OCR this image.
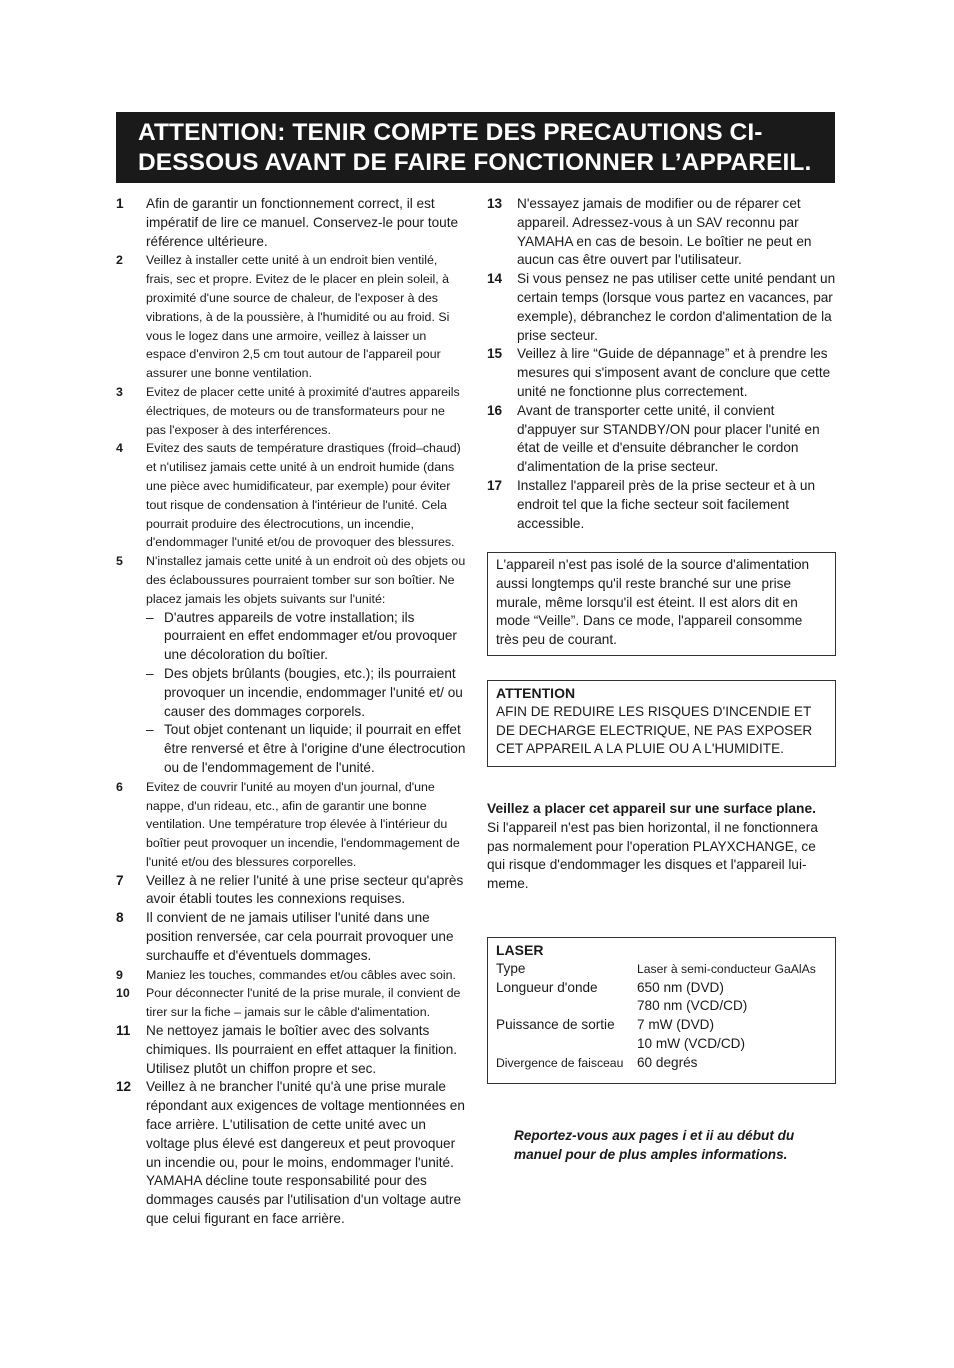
ATTENTION: TENIR COMPTE DES PRECAUTIONS CI-
DESSOUS AVANT DE FAIRE FONCTIONNER L’APPAREIL.
1	Afin de garantir un fonctionnement correct, il est impératif de lire ce manuel. Conservez-le pour toute référence ultérieure.
2	Veillez à installer cette unité à un endroit bien ventilé, frais, sec et propre. Evitez de le placer en plein soleil, à proximité d'une source de chaleur, de l'exposer à des vibrations, à de la poussière, à l'humidité ou au froid. Si vous le logez dans une armoire, veillez à laisser un espace d'environ 2,5 cm tout autour de l'appareil pour assurer une bonne ventilation.
3	Evitez de placer cette unité à proximité d'autres appareils électriques, de moteurs ou de transformateurs pour ne pas l'exposer à des interférences.
4	Evitez des sauts de température drastiques (froid–chaud) et n'utilisez jamais cette unité à un endroit humide (dans une pièce avec humidificateur, par exemple) pour éviter tout risque de condensation à l'intérieur de l'unité. Cela pourrait produire des électrocutions, un incendie, d'endommager l'unité et/ou de provoquer des blessures.
5	N'installez jamais cette unité à un endroit où des objets ou des éclaboussures pourraient tomber sur son boîtier. Ne placez jamais les objets suivants sur l'unité:
– D'autres appareils de votre installation; ils pourraient en effet endommager et/ou provoquer une décoloration du boîtier.
– Des objets brûlants (bougies, etc.); ils pourraient provoquer un incendie, endommager l'unité et/ ou causer des dommages corporels.
– Tout objet contenant un liquide; il pourrait en effet être renversé et être à l'origine d'une électrocution ou de l'endommagement de l'unité.
6	Evitez de couvrir l'unité au moyen d'un journal, d'une nappe, d'un rideau, etc., afin de garantir une bonne ventilation. Une température trop élevée à l'intérieur du boîtier peut provoquer un incendie, l'endommagement de l'unité et/ou des blessures corporelles.
7	Veillez à ne relier l'unité à une prise secteur qu'après avoir établi toutes les connexions requises.
8	Il convient de ne jamais utiliser l'unité dans une position renversée, car cela pourrait provoquer une surchauffe et d'éventuels dommages.
9	Maniez les touches, commandes et/ou câbles avec soin.
10	Pour déconnecter l'unité de la prise murale, il convient de tirer sur la fiche – jamais sur le câble d'alimentation.
11	Ne nettoyez jamais le boîtier avec des solvants chimiques. Ils pourraient en effet attaquer la finition. Utilisez plutôt un chiffon propre et sec.
12	Veillez à ne brancher l'unité qu'à une prise murale répondant aux exigences de voltage mentionnées en face arrière. L'utilisation de cette unité avec un voltage plus élevé est dangereux et peut provoquer un incendie ou, pour le moins, endommager l'unité. YAMAHA décline toute responsabilité pour des dommages causés par l'utilisation d'un voltage autre que celui figurant en face arrière.
13	N'essayez jamais de modifier ou de réparer cet appareil. Adressez-vous à un SAV reconnu par YAMAHA en cas de besoin. Le boîtier ne peut en aucun cas être ouvert par l'utilisateur.
14	Si vous pensez ne pas utiliser cette unité pendant un certain temps (lorsque vous partez en vacances, par exemple), débranchez le cordon d'alimentation de la prise secteur.
15	Veillez à lire “Guide de dépannage” et à prendre les mesures qui s'imposent avant de conclure que cette unité ne fonctionne plus correctement.
16	Avant de transporter cette unité, il convient d'appuyer sur STANDBY/ON pour placer l'unité en état de veille et d'ensuite débrancher le cordon d'alimentation de la prise secteur.
17	Installez l'appareil près de la prise secteur et à un endroit tel que la fiche secteur soit facilement accessible.
L'appareil n'est pas isolé de la source d'alimentation aussi longtemps qu'il reste branché sur une prise murale, même lorsqu'il est éteint. Il est alors dit en mode “Veille”. Dans ce mode, l'appareil consomme très peu de courant.
ATTENTION
AFIN DE REDUIRE LES RISQUES D'INCENDIE ET DE DECHARGE ELECTRIQUE, NE PAS EXPOSER CET APPAREIL A LA PLUIE OU A L'HUMIDITE.
Veillez a placer cet appareil sur une surface plane.
Si l'appareil n'est pas bien horizontal, il ne fonctionnera pas normalement pour l'operation PLAYXCHANGE, ce qui risque d'endommager les disques et l'appareil lui-meme.
LASER
Type	Laser à semi-conducteur GaAlAs
Longueur d'onde	650 nm (DVD)
780 nm (VCD/CD)
Puissance de sortie	7 mW (DVD)
10 mW (VCD/CD)
Divergence de faisceau	60 degrés
Reportez-vous aux pages i et ii au début du manuel pour de plus amples informations.
